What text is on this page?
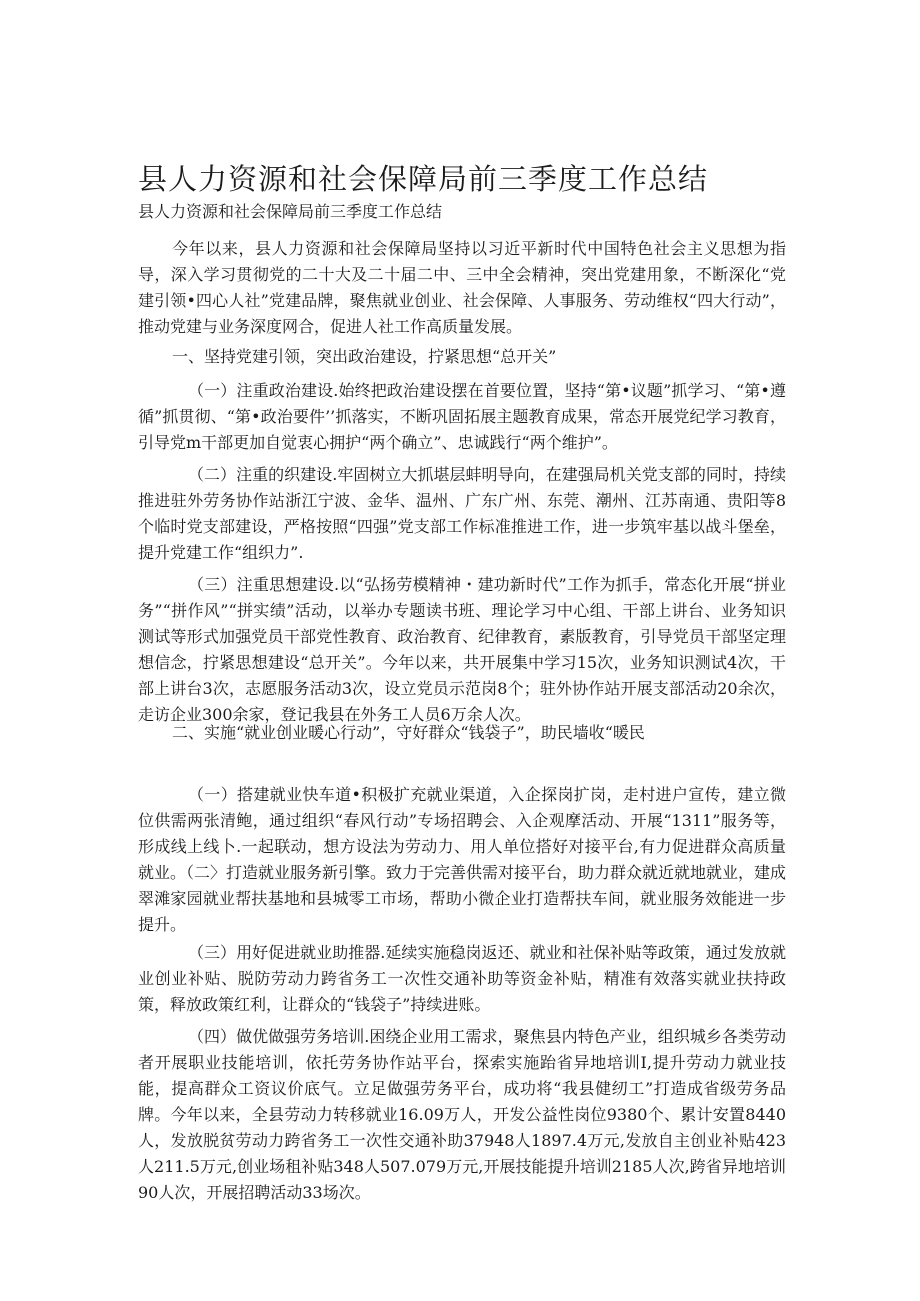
县人力资源和社会保障局前三季度工作总结
县人力资源和社会保障局前三季度工作总结

今年以来，县人力资源和社会保障局坚持以习近平新时代中国特色社会主义思想为指导，深入学习贯彻党的二十大及二十届二中、三中全会精神，突出党建用象，不断深化“党建引领•四心人社”党建品牌，聚焦就业创业、社会保障、人事服务、劳动维权“四大行动”，推动党建与业务深度网合，促进人社工作高质量发展。

一、坚持党建引领，突出政治建设，拧紧思想“总开关”

（一）注重政治建设.始终把政治建设摆在首要位置，坚持“第•议题”抓学习、“第•遵循”抓贯彻、“第•政治要件’’抓落实，不断巩固拓展主题教育成果，常态开展党纪学习教育，引导党m干部更加自觉衷心拥护“两个确立”、忠诚践行“两个维护”。

（二）注重的织建设.牢固树立大抓堪层蚌明导向，在建强局机关党支部的同时，持续推进驻外劳务协作站浙江宁波、金华、温州、广东广州、东莞、潮州、江苏南通、贵阳等8个临时党支部建设，严格按照“四强”党支部工作标准推进工作，进一步筑牢基以战斗堡垒，提升党建工作“组织力”.

（三）注重思想建设.以“弘扬劳模精神・建功新时代”工作为抓手，常态化开展“拼业务”“拼作风”“拼实绩”活动，以举办专题读书班、理论学习中心组、干部上讲台、业务知识测试等形式加强党员干部党性教育、政治教育、纪律教育，素版教育，引导党员干部坚定理想信念，拧紧思想建设“总开关”。今年以来，共开展集中学习15次，业务知识测试4次，干部上讲台3次，志愿服务活动3次，设立党员示范岗8个；驻外协作站开展支部活动20余次，走访企业300余家，登记我县在外务工人员6万余人次。

二、实施“就业创业暖心行动”，守好群众“钱袋子”，助民墙收“暖民

（一）搭建就业快车道•积极扩充就业渠道，入企探岗扩岗，走村进户宣传，建立微位供需两张清鲍，通过组织“春风行动”专场招聘会、入企观摩活动、开展“1311”服务等，形成线上线卜.一起联动，想方设法为劳动力、用人单位搭好对接平台,有力促进群众高质量就业。（二〉打造就业服务新引擎。致力于完善供需对接平台，助力群众就近就地就业，建成翠滩家园就业帮扶基地和县城零工市场，帮助小微企业打造帮扶车间，就业服务效能进一步提升。

（三）用好促进就业助推器.延续实施稳岗返还、就业和社保补贴等政策，通过发放就业创业补贴、脱防劳动力跨省务工一次性交通补助等资金补贴，精准有效落实就业扶持政策，释放政策红利，让群众的“钱袋子”持续进账。

（四）做优做强劳务培训.困绕企业用工需求，聚焦县内特色产业，组织城乡各类劳动者开展职业技能培训，依托劳务协作站平台，探索实施跆省异地培训I,提升劳动力就业技能，提高群众工资议价底气。立足做强劳务平台，成功将“我县健纫工”打造成省级劳务品牌。今年以来，全县劳动力转移就业16.09万人，开发公益性岗位9380个、累计安置8440人，发放脱贫劳动力跨省务工一次性交通补助37948人1897.4万元,发放自主创业补贴423人211.5万元,创业场租补贴348人507.079万元,开展技能提升培训2185人次,跨省异地培训90人次，开展招聘活动33场次。
